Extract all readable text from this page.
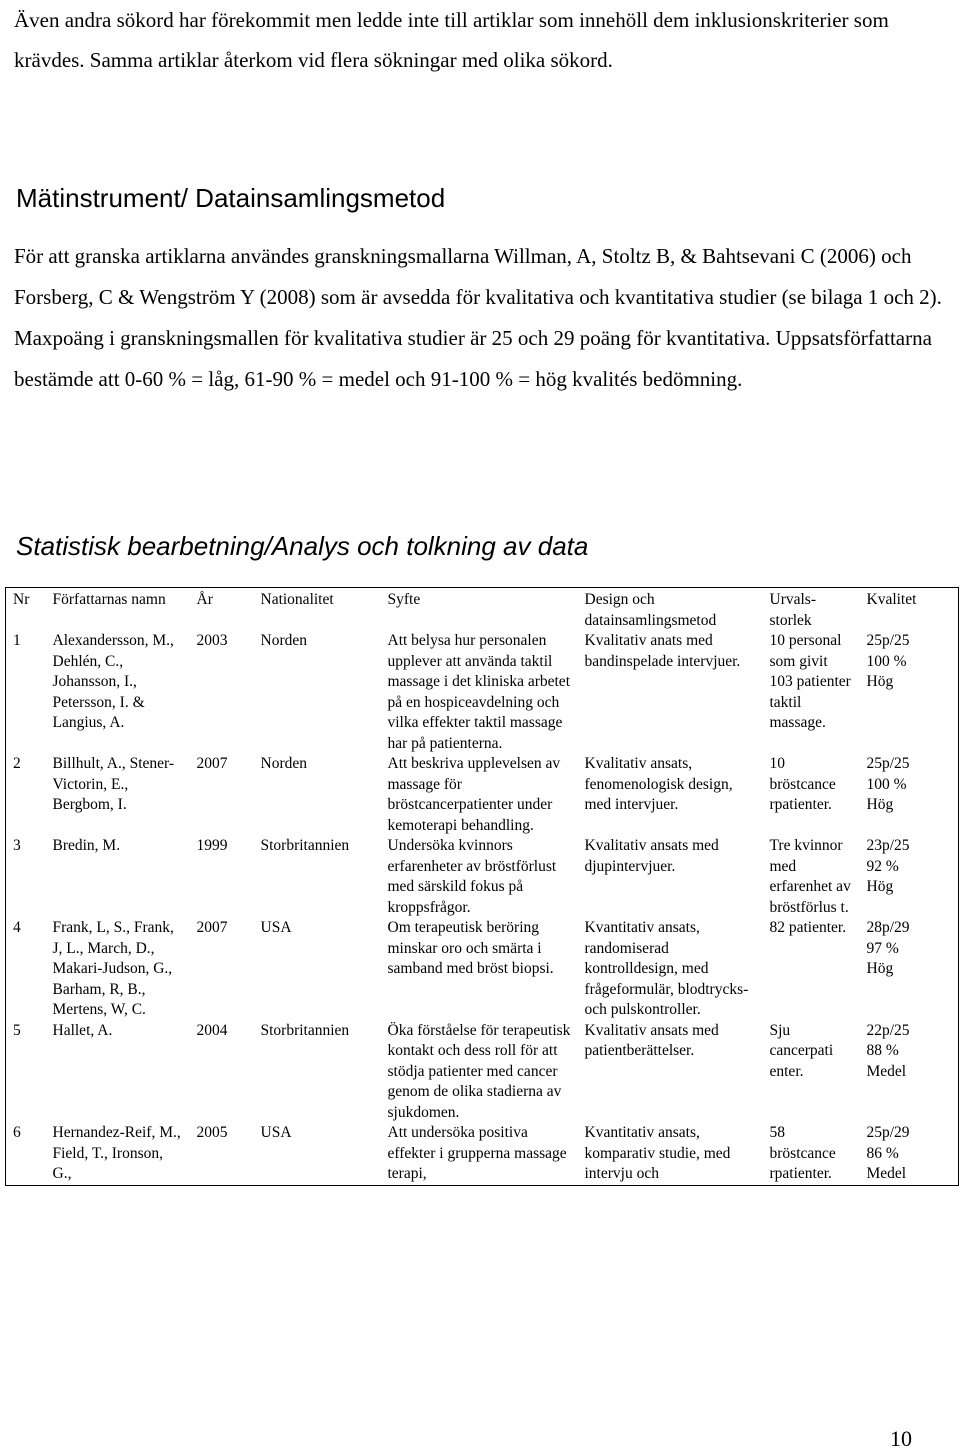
Även andra sökord har förekommit men ledde inte till artiklar som innehöll dem inklusionskriterier som krävdes. Samma artiklar återkom vid flera sökningar med olika sökord.
Mätinstrument/ Datainsamlingsmetod

För att granska artiklarna användes granskningsmallarna Willman, A, Stoltz B, & Bahtsevani C (2006) och Forsberg, C & Wengström Y (2008) som är avsedda för kvalitativa och kvantitativa studier (se bilaga 1 och 2). Maxpoäng i granskningsmallen för kvalitativa studier är 25 och 29 poäng för kvantitativa. Uppsatsförfattarna bestämde att 0-60 % = låg, 61-90 % = medel och 91-100 % = hög kvalités bedömning.

Statistisk bearbetning/Analys och tolkning av data
Nr	Författarnas namn	År	Nationalitet	Syfte	Design och datainsamlingsmetod	Urvals-storlek	Kvalitet
1	Alexandersson, M., Dehlén, C., Johansson, I., Petersson, I. & Langius, A.	2003	Norden	Att belysa hur personalen upplever att använda taktil massage i det kliniska arbetet på en hospiceavdelning och vilka effekter taktil massage har på patienterna.	Kvalitativ anats med bandinspelade intervjuer.	10 personal som givit 103 patienter taktil massage.	25p/25
100 %
Hög

2	Billhult, A., Stener-Victorin, E., Bergbom, I.	2007	Norden	Att beskriva upplevelsen av massage för bröstcancerpatienter under kemoterapi behandling.	Kvalitativ ansats, fenomenologisk design, med intervjuer.	10 bröstcance rpatienter.	25p/25
100 %
Hög

3	Bredin, M.	1999	Storbritannien	Undersöka kvinnors erfarenheter av bröstförlust med särskild fokus på kroppsfrågor.	Kvalitativ ansats med djupintervjuer.	Tre kvinnor med erfarenhet av bröstförlus t.	23p/25
92 %
Hög

4	Frank, L, S., Frank, J, L., March, D., Makari-Judson, G., Barham, R, B., Mertens, W, C.	2007	USA	Om terapeutisk beröring minskar oro och smärta i samband med bröst biopsi.	Kvantitativ ansats, randomiserad kontrolldesign, med frågeformulär, blodtrycks- och pulskontroller.	82 patienter.	28p/29
97 %
Hög

5	Hallet, A.	2004	Storbritannien	Öka förståelse för terapeutisk kontakt och dess roll för att stödja patienter med cancer genom de olika stadierna av sjukdomen.	Kvalitativ ansats med patientberättelser.	Sju cancerpati enter.	22p/25
88 %
Medel

6	Hernandez-Reif, M., Field, T., Ironson, G.,	2005	USA	Att undersöka positiva effekter i grupperna massage terapi,	Kvantitativ ansats, komparativ studie, med intervju och	58 bröstcance rpatienter.	25p/29
86 %
Medel
10
